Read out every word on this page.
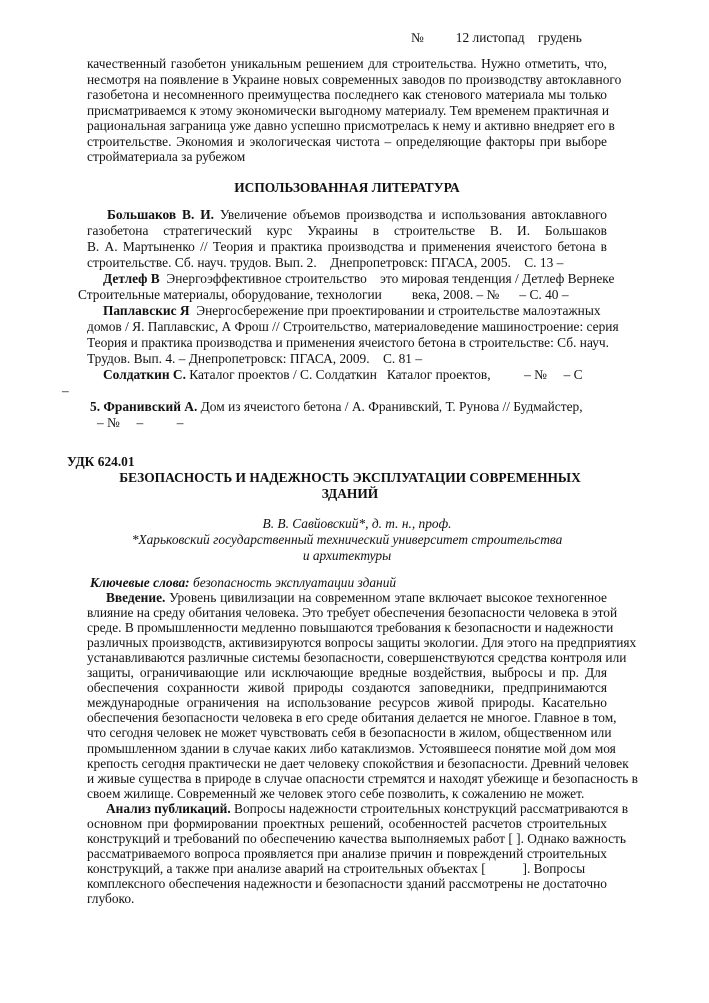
№ 12 листопад    грудень
качественный газобетон уникальным решением для строительства. Нужно отметить, что,
несмотря на появление в Украине новых современных заводов по производству автоклавного
газобетона и несомненного преимущества последнего как стенового материала мы только
присматриваемся к этому экономически выгодному материалу. Тем временем практичная и
рациональная заграница уже давно успешно присмотрелась к нему и активно внедряет его в
строительстве. Экономия и экологическая чистота – определяющие факторы при выборе
стройматериала за рубежом
ИСПОЛЬЗОВАННАЯ ЛИТЕРАТУРА
Большаков В. И. Увеличение объемов производства и использования автоклавного
газобетона стратегический курс Украины в строительстве В. И. Большаков
В. А. Мартыненко // Теория и практика производства и применения ячеистого бетона в
строительстве. Сб. науч. трудов. Вып. 2.    Днепропетровск: ПГАСА, 2005.    С. 13 –
Детлеф В  Энергоэффективное строительство    это мировая тенденция / Детлеф Вернеке
Строительные материалы, оборудование, технологии         века, 2008. – №      – С. 40 –
Паплавскис Я  Энергосбережение при проектировании и строительстве малоэтажных
домов / Я. Паплавскис, А Фрош // Строительство, материаловедение машиностроение: серия
Теория и практика производства и применения ячеистого бетона в строительстве: Сб. науч.
Трудов. Вып. 4. – Днепропетровск: ПГАСА, 2009.    С. 81 –
Солдаткин С. Каталог проектов / С. Солдаткин   Каталог проектов,          – №     – С
–
5. Франивский А. Дом из ячеистого бетона / А. Франивский, Т. Рунова // Будмайстер,
– №     –          –
УДК 624.01
БЕЗОПАСНОСТЬ И НАДЕЖНОСТЬ ЭКСПЛУАТАЦИИ СОВРЕМЕННЫХ
ЗДАНИЙ
В. В. Савйовский*, д. т. н., проф.
*Харьковский государственный технический университет строительства
и архитектуры
Ключевые слова: безопасность эксплуатации зданий
Введение. Уровень цивилизации на современном этапе включает высокое техногенное
влияние на среду обитания человека. Это требует обеспечения безопасности человека в этой
среде. В промышленности медленно повышаются требования к безопасности и надежности
различных производств, активизируются вопросы защиты экологии. Для этого на предприятиях
устанавливаются различные системы безопасности, совершенствуются средства контроля или
защиты, ограничивающие или исключающие вредные воздействия, выбросы и пр. Для
обеспечения сохранности живой природы создаются заповедники, предпринимаются
международные ограничения на использование ресурсов живой природы. Касательно
обеспечения безопасности человека в его среде обитания делается не многое. Главное в том,
что сегодня человек не может чувствовать себя в безопасности в жилом, общественном или
промышленном здании в случае каких либо катаклизмов. Устоявшееся понятие мой дом моя
крепость сегодня практически не дает человеку спокойствия и безопасности. Древний человек
и живые существа в природе в случае опасности стремятся и находят убежище и безопасность в
своем жилище. Современный же человек этого себе позволить, к сожалению не может.
Анализ публикаций. Вопросы надежности строительных конструкций рассматриваются в
основном при формировании проектных решений, особенностей расчетов строительных
конструкций и требований по обеспечению качества выполняемых работ [ ]. Однако важность
рассматриваемого вопроса проявляется при анализе причин и повреждений строительных
конструкций, а также при анализе аварий на строительных объектах [           ]. Вопросы
комплексного обеспечения надежности и безопасности зданий рассмотрены не достаточно
глубоко.
